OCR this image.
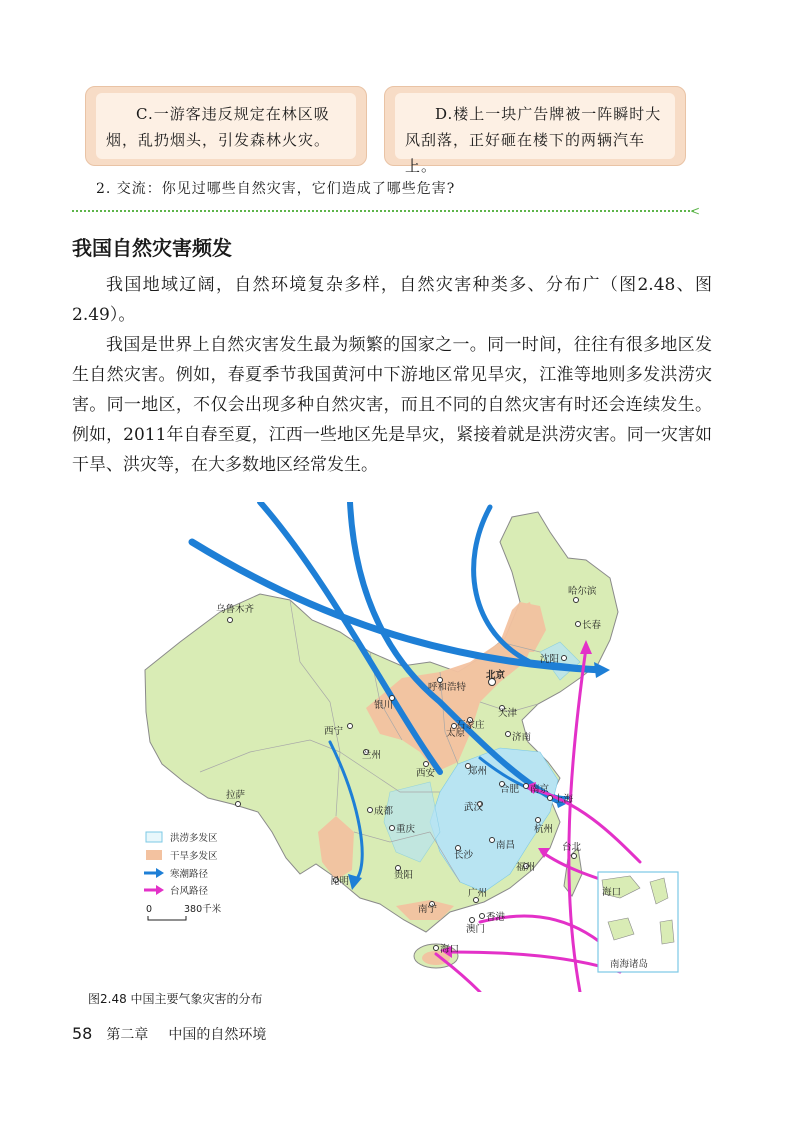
C.一游客违反规定在林区吸烟，乱扔烟头，引发森林火灾。
D.楼上一块广告牌被一阵瞬时大风刮落，正好砸在楼下的两辆汽车上。
2. 交流：你见过哪些自然灾害，它们造成了哪些危害?
<
我国自然灾害频发
我国地域辽阔，自然环境复杂多样，自然灾害种类多、分布广（图2.48、图2.49）。
我国是世界上自然灾害发生最为频繁的国家之一。同一时间，往往有很多地区发生自然灾害。例如，春夏季节我国黄河中下游地区常见旱灾，江淮等地则多发洪涝灾害。同一地区，不仅会出现多种自然灾害，而且不同的自然灾害有时还会连续发生。例如，2011年自春至夏，江西一些地区先是旱灾，紧接着就是洪涝灾害。同一灾害如干旱、洪灾等，在大多数地区经常发生。
海口
南海诸岛
乌鲁木齐
哈尔滨
长春
沈阳
呼和浩特
北京
天津
银川
石家庄
太原	济南
西宁
兰州
西安	郑州
合肥 南京
上海
拉萨
成都	武汉
杭州
重庆
长沙
南昌
贵阳
福州
昆明
台北
南宁
广州
香港
澳门
海口
洪涝多发区
干旱多发区
寒潮路径
台风路径
0	380千米
图2.48 中国主要气象灾害的分布
58 第二章 中国的自然环境
